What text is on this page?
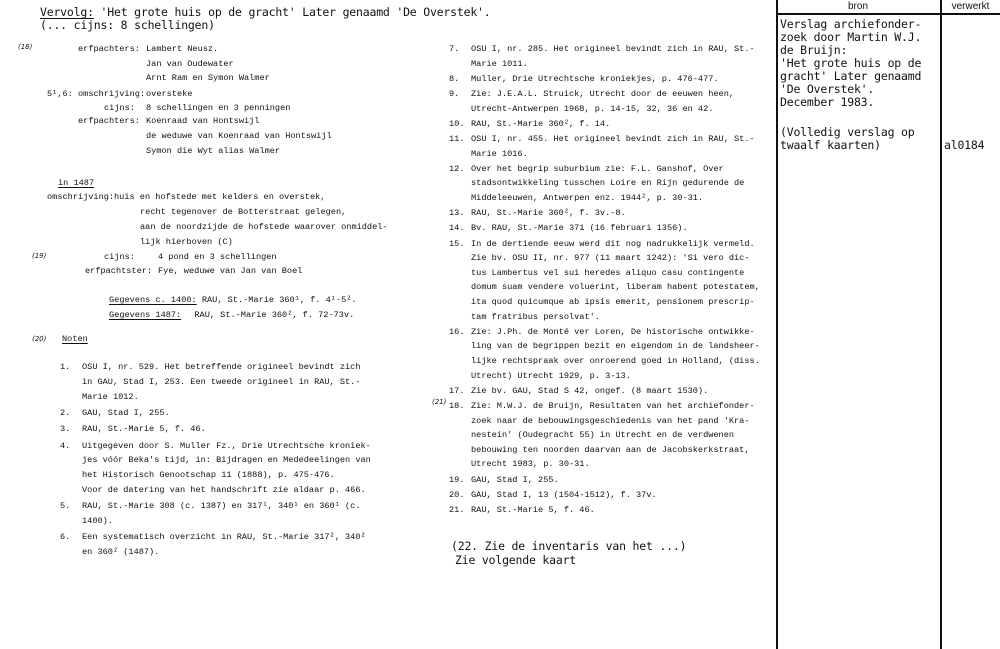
bron	verwerkt
Verslag archiefonder-
zoek door Martin W.J.
de Bruijn:
'Het grote huis op de
gracht' Later genaamd
'De Overstek'.
December 1983.
(Volledig verslag op
twaalf kaarten)	al0184
Vervolg: 'Het grote huis op de gracht' Later genaamd 'De Overstek'.
(... cijns: 8 schellingen)
(18)	erfpachters: Lambert Neusz.
Jan van Oudewater
Arnt Ram en Symon Walmer
5¹,6: omschrijving: oversteke
cijns: 8 schellingen en 3 penningen
erfpachters: Koenraad van Hontswijl
de weduwe van Koenraad van Hontswijl
Symon die Wyt alias Walmer
in 1487
omschrijving: huis en hofstede met kelders en overstek,
recht tegenover de Botterstraat gelegen,
aan de noordzijde de hofstede waarover onmiddel-
lijk hierboven (C)
(19)	cijns:	4 pond en 3 schellingen
erfpachtster: Fye, weduwe van Jan van Boel
Gegevens c. 1400: RAU, St.-Marie 360¹, f. 4¹-5².
Gegevens 1487: RAU, St.-Marie 360², f. 72-73v.
(20) Noten
1. OSU I, nr. 529. Het betreffende origineel bevindt zich
in GAU, Stad I, 253. Een tweede origineel in RAU, St.-
Marie 1012.
2. GAU, Stad I, 255.
3. RAU, St.-Marie 5, f. 46.
4. Uitgegeven door S. Muller Fz., Drie Utrechtsche kroniek-
jes vóór Beka's tijd, in: Bijdragen en Mededeelingen van
het Historisch Genootschap 11 (1888), p. 475-476.
Voor de datering van het handschrift zie aldaar p. 466.
5. RAU, St.-Marie 308 (c. 1387) en 317¹, 340¹ en 360¹ (c.
1400).
6. Een systematisch overzicht in RAU, St.-Marie 317², 340²
en 360² (1487).
7. OSU I, nr. 285. Het origineel bevindt zich in RAU, St.-
Marie 1011.
8. Muller, Drie Utrechtsche kroniekjes, p. 476-477.
9. Zie: J.E.A.L. Struick, Utrecht door de eeuwen heen,
Utrecht-Antwerpen 1968, p. 14-15, 32, 36 en 42.
10. RAU, St.-Marie 360², f. 14.
11. OSU I, nr. 455. Het origineel bevindt zich in RAU, St.-
Marie 1016.
12. Over het begrip suburbium zie: F.L. Ganshof, Over
stadsontwikkeling tusschen Loire en Rijn gedurende de
Middeleeuwen, Antwerpen enz. 1944², p. 30-31.
13. RAU, St.-Marie 360², f. 3v.-8.
14. Bv. RAU, St.-Marie 371 (16 februari 1356).
15. In de dertiende eeuw werd dit nog nadrukkelijk vermeld.
Zie bv. OSU II, nr. 977 (11 maart 1242): 'Si vero dic-
tus Lambertus vel sui heredes aliquo casu contingente
domum suam vendere voluerint, liberam habent potestatem,
ita quod quicumque ab ipsis emerit, pensionem prescrip-
tam fratribus persolvat'.
16. Zie: J.Ph. de Monté ver Loren, De historische ontwikke-
ling van de begrippen bezit en eigendom in de landsheer-
lijke rechtspraak over onroerend goed in Holland, (diss.
Utrecht) Utrecht 1929, p. 3-13.
17. Zie bv. GAU, Stad S 42, ongef. (8 maart 1530).
18. Zie: M.W.J. de Bruijn, Resultaten van het archiefonder-
zoek naar de bebouwingsgeschiedenis van het pand 'Kra-
nestein' (Oudegracht 55) in Utrecht en de verdwenen
bebouwing ten noorden daarvan aan de Jacobskerkstraat,
Utrecht 1983, p. 30-31.
19. GAU, Stad I, 255.
20. GAU, Stad I, 13 (1504-1512), f. 37v.
21. RAU, St.-Marie 5, f. 46.
(21)
(22. Zie de inventaris van het ...)
Zie volgende kaart
